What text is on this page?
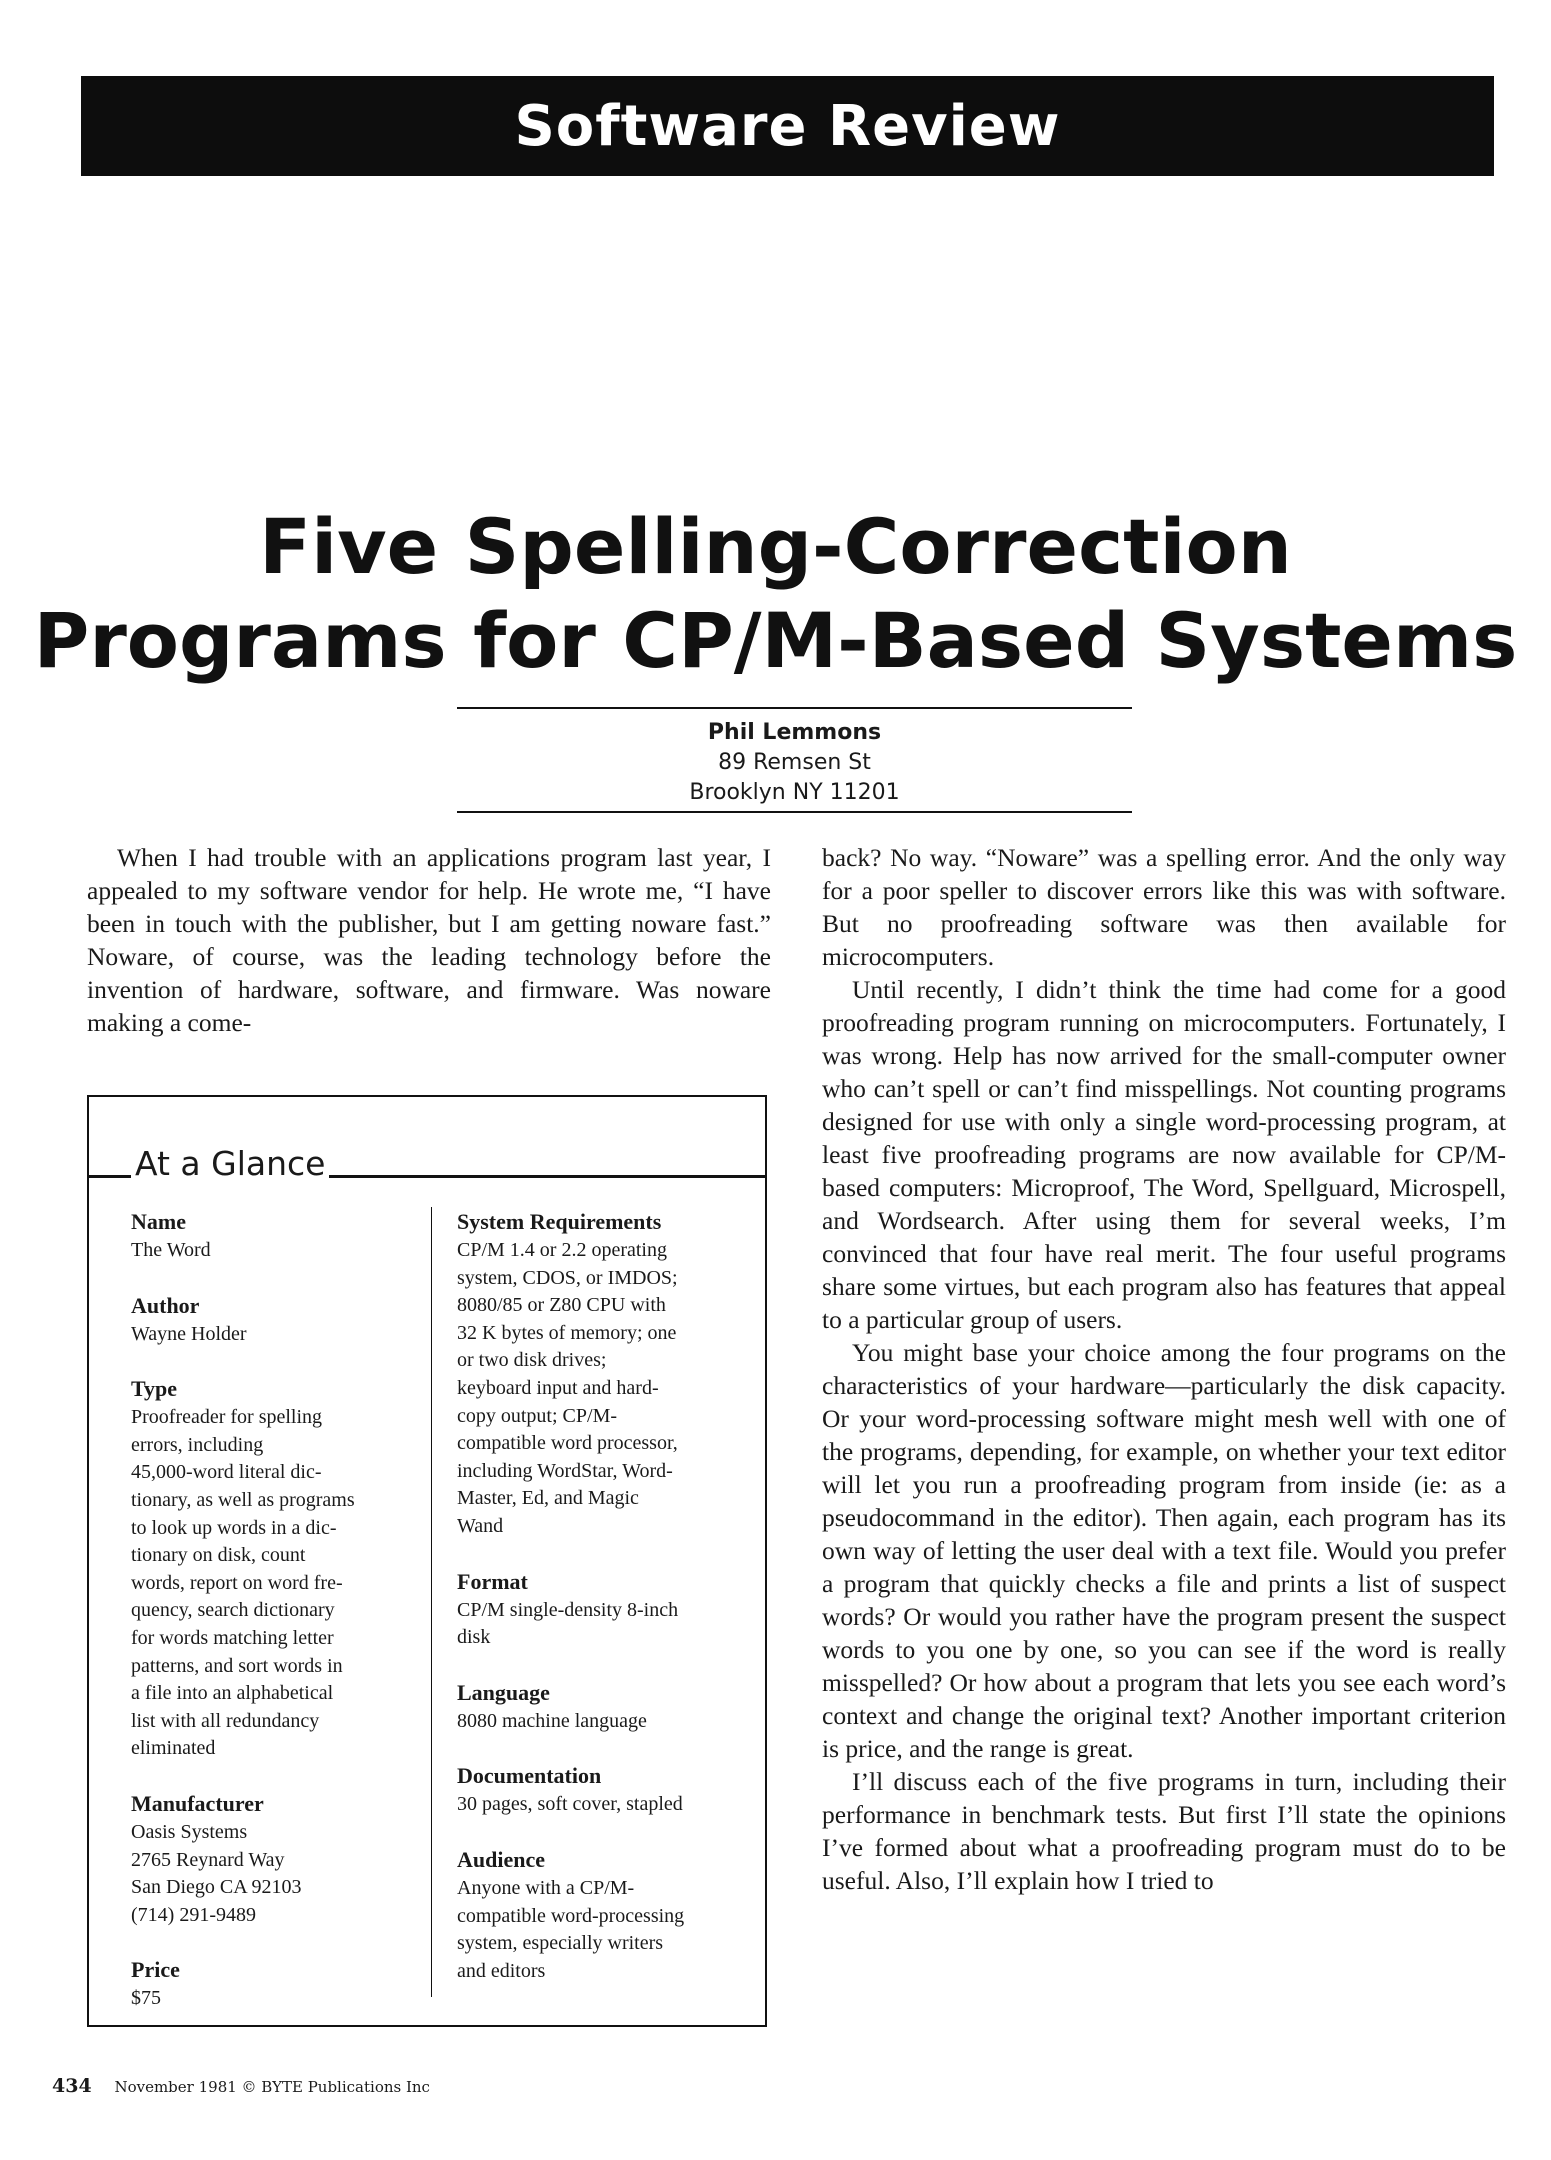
Software Review
Five Spelling-Correction
Programs for CP/M-Based Systems
Phil Lemmons
89 Remsen St
Brooklyn NY 11201

When I had trouble with an applications program last year, I appealed to my software vendor for help. He wrote me, “I have been in touch with the publisher, but I am getting noware fast.” Noware, of course, was the leading technology before the invention of hardware, software, and firmware. Was noware making a come-

At a Glance
Name
The Word
Author
Wayne Holder
Type
Proofreader for spelling
errors, including
45,000-word literal dic-
tionary, as well as programs
to look up words in a dic-
tionary on disk, count
words, report on word fre-
quency, search dictionary
for words matching letter
patterns, and sort words in
a file into an alphabetical
list with all redundancy
eliminated
Manufacturer
Oasis Systems
2765 Reynard Way
San Diego CA 92103
(714) 291-9489
Price
$75
System Requirements
CP/M 1.4 or 2.2 operating
system, CDOS, or IMDOS;
8080/85 or Z80 CPU with
32 K bytes of memory; one
or two disk drives;
keyboard input and hard-
copy output; CP/M-
compatible word processor,
including WordStar, Word-
Master, Ed, and Magic
Wand
Format
CP/M single-density 8-inch
disk
Language
8080 machine language
Documentation
30 pages, soft cover, stapled
Audience
Anyone with a CP/M-
compatible word-processing
system, especially writers
and editors

back? No way. “Noware” was a spelling error. And the only way for a poor speller to discover errors like this was with software. But no proofreading software was then available for microcomputers.

Until recently, I didn’t think the time had come for a good proofreading program running on microcomputers. Fortunately, I was wrong. Help has now arrived for the small-computer owner who can’t spell or can’t find misspellings. Not counting programs designed for use with only a single word-processing program, at least five proofreading programs are now available for CP/M-based computers: Microproof, The Word, Spellguard, Microspell, and Wordsearch. After using them for several weeks, I’m convinced that four have real merit. The four useful programs share some virtues, but each program also has features that appeal to a particular group of users.

You might base your choice among the four programs on the characteristics of your hardware—particularly the disk capacity. Or your word-processing software might mesh well with one of the programs, depending, for example, on whether your text editor will let you run a proofreading program from inside (ie: as a pseudocommand in the editor). Then again, each program has its own way of letting the user deal with a text file. Would you prefer a program that quickly checks a file and prints a list of suspect words? Or would you rather have the program present the suspect words to you one by one, so you can see if the word is really misspelled? Or how about a program that lets you see each word’s context and change the original text? Another important criterion is price, and the range is great.

I’ll discuss each of the five programs in turn, including their performance in benchmark tests. But first I’ll state the opinions I’ve formed about what a proofreading program must do to be useful. Also, I’ll explain how I tried to

434 November 1981 © BYTE Publications Inc
